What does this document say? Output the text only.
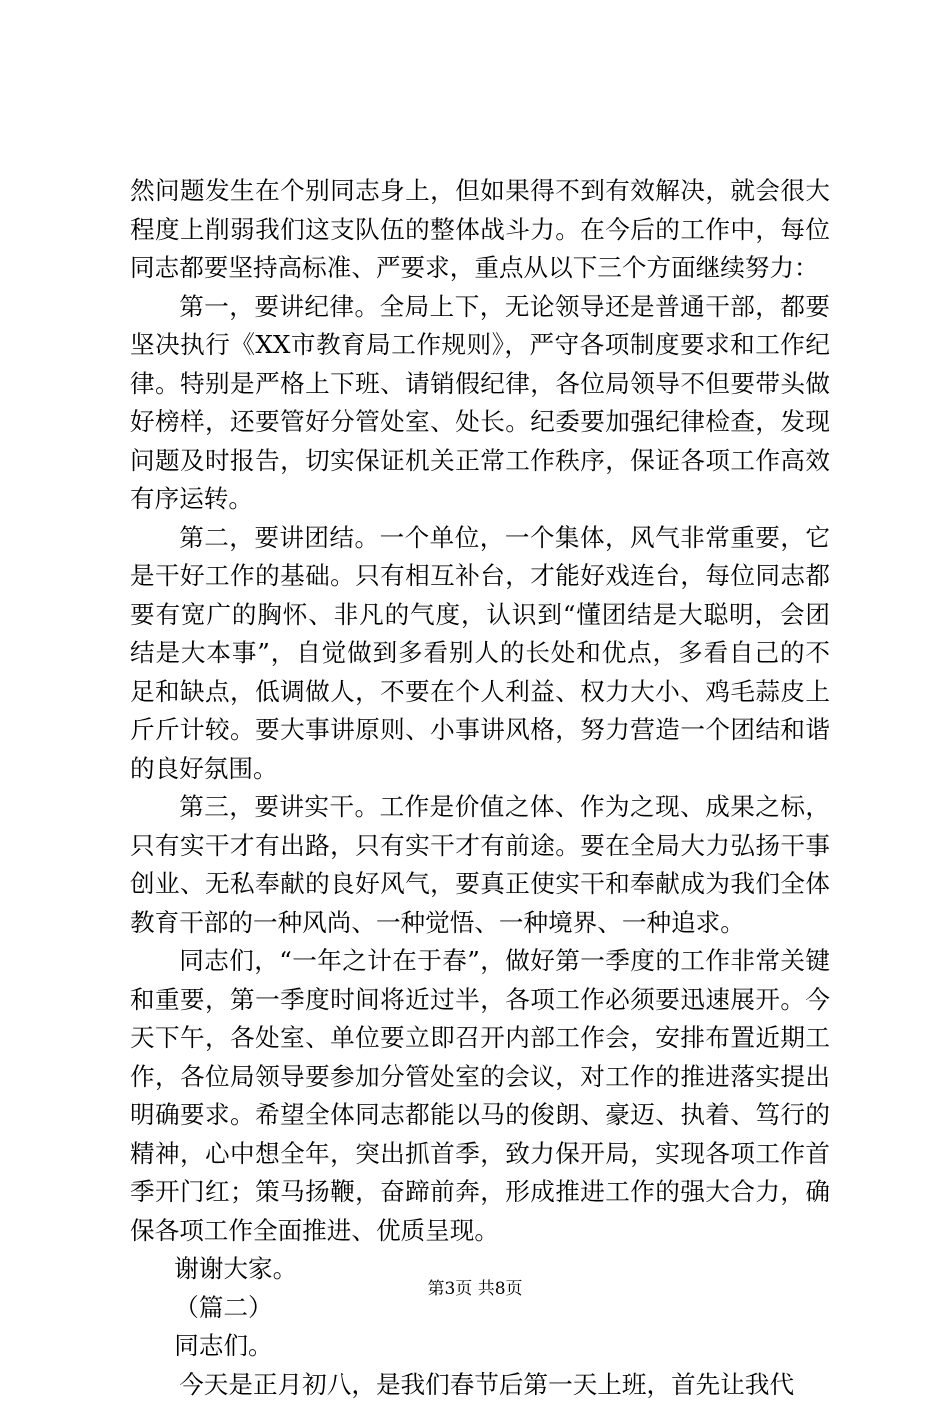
然问题发生在个别同志身上，但如果得不到有效解决，就会很大程度上削弱我们这支队伍的整体战斗力。在今后的工作中，每位同志都要坚持高标准、严要求，重点从以下三个方面继续努力：

第一，要讲纪律。全局上下，无论领导还是普通干部，都要坚决执行《XX市教育局工作规则》，严守各项制度要求和工作纪律。特别是严格上下班、请销假纪律，各位局领导不但要带头做好榜样，还要管好分管处室、处长。纪委要加强纪律检查，发现问题及时报告，切实保证机关正常工作秩序，保证各项工作高效有序运转。

第二，要讲团结。一个单位，一个集体，风气非常重要，它是干好工作的基础。只有相互补台，才能好戏连台，每位同志都要有宽广的胸怀、非凡的气度，认识到“懂团结是大聪明，会团结是大本事”，自觉做到多看别人的长处和优点，多看自己的不足和缺点，低调做人，不要在个人利益、权力大小、鸡毛蒜皮上斤斤计较。要大事讲原则、小事讲风格，努力营造一个团结和谐的良好氛围。

第三，要讲实干。工作是价值之体、作为之现、成果之标，只有实干才有出路，只有实干才有前途。要在全局大力弘扬干事创业、无私奉献的良好风气，要真正使实干和奉献成为我们全体教育干部的一种风尚、一种觉悟、一种境界、一种追求。

同志们，“一年之计在于春”，做好第一季度的工作非常关键和重要，第一季度时间将近过半，各项工作必须要迅速展开。今天下午，各处室、单位要立即召开内部工作会，安排布置近期工作，各位局领导要参加分管处室的会议，对工作的推进落实提出明确要求。希望全体同志都能以马的俊朗、豪迈、执着、笃行的精神，心中想全年，突出抓首季，致力保开局，实现各项工作首季开门红；策马扬鞭，奋蹄前奔，形成推进工作的强大合力，确保各项工作全面推进、优质呈现。

谢谢大家。

（篇二）

同志们。

今天是正月初八，是我们春节后第一天上班，首先让我代

第3页 共8页
